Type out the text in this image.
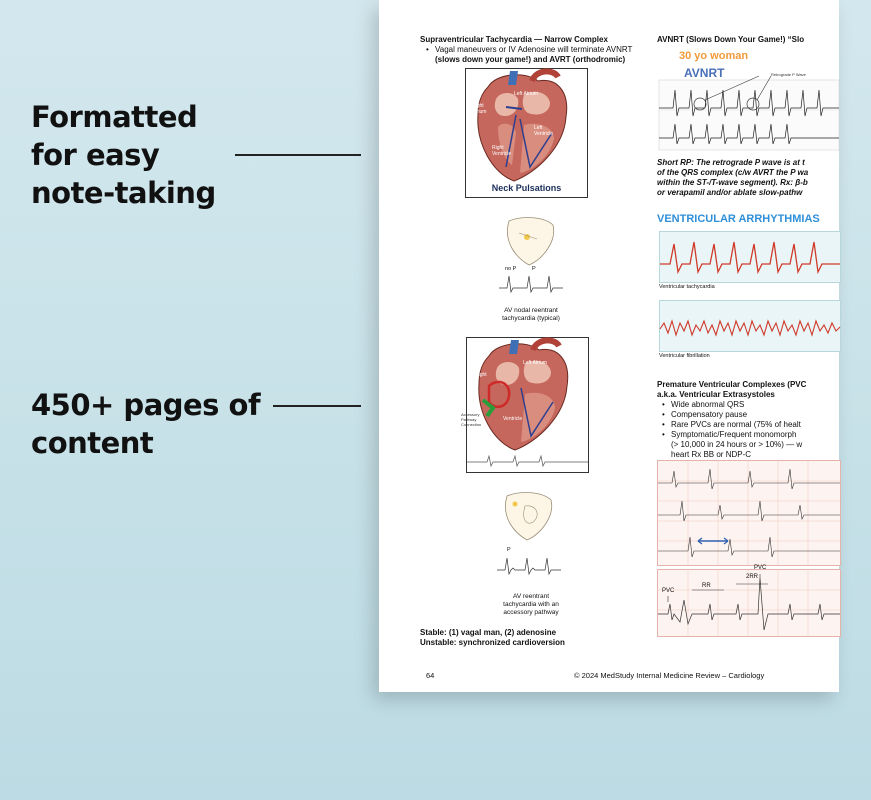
Formatted
for easy
note-taking
450+ pages of
content
Supraventricular Tachycardia — Narrow Complex
• Vagal maneuvers or IV Adenosine will terminate AVNRT
(slows down your game!) and AVRT (orthodromic)
Left Atrium
Right Atrium
Left Ventricle
Right Ventricle
Neck Pulsations
no P	P
AV nodal reentrant
tachycardia (typical)
Left Atrium
Right
Ventricle
Accessory
Pathway
Connection
P
AV reentrant
tachycardia with an
accessory pathway
Stable: (1) vagal man, (2) adenosine
Unstable: synchronized cardioversion
AVNRT (Slows Down Your Game!) “Slo
30 yo woman
AVNRT	Retrograde P Wave
Short RP: The retrograde P wave is at t
of the QRS complex (c/w AVRT the P wa
within the ST-/T-wave segment). Rx: β-b
or verapamil and/or ablate slow-pathw
VENTRICULAR ARRHYTHMIAS
Ventricular tachycardia
Ventricular fibrillation
Premature Ventricular Complexes (PVC
a.k.a. Ventricular Extrasystoles
• Wide abnormal QRS
• Compensatory pause
• Rare PVCs are normal (75% of healt
• Symptomatic/Frequent monomorph
(> 10,000 in 24 hours or > 10%) — w
heart Rx BB or NDP-C
PVC
2RR
RR
PVC
64	© 2024 MedStudy Internal Medicine Review – Cardiology
